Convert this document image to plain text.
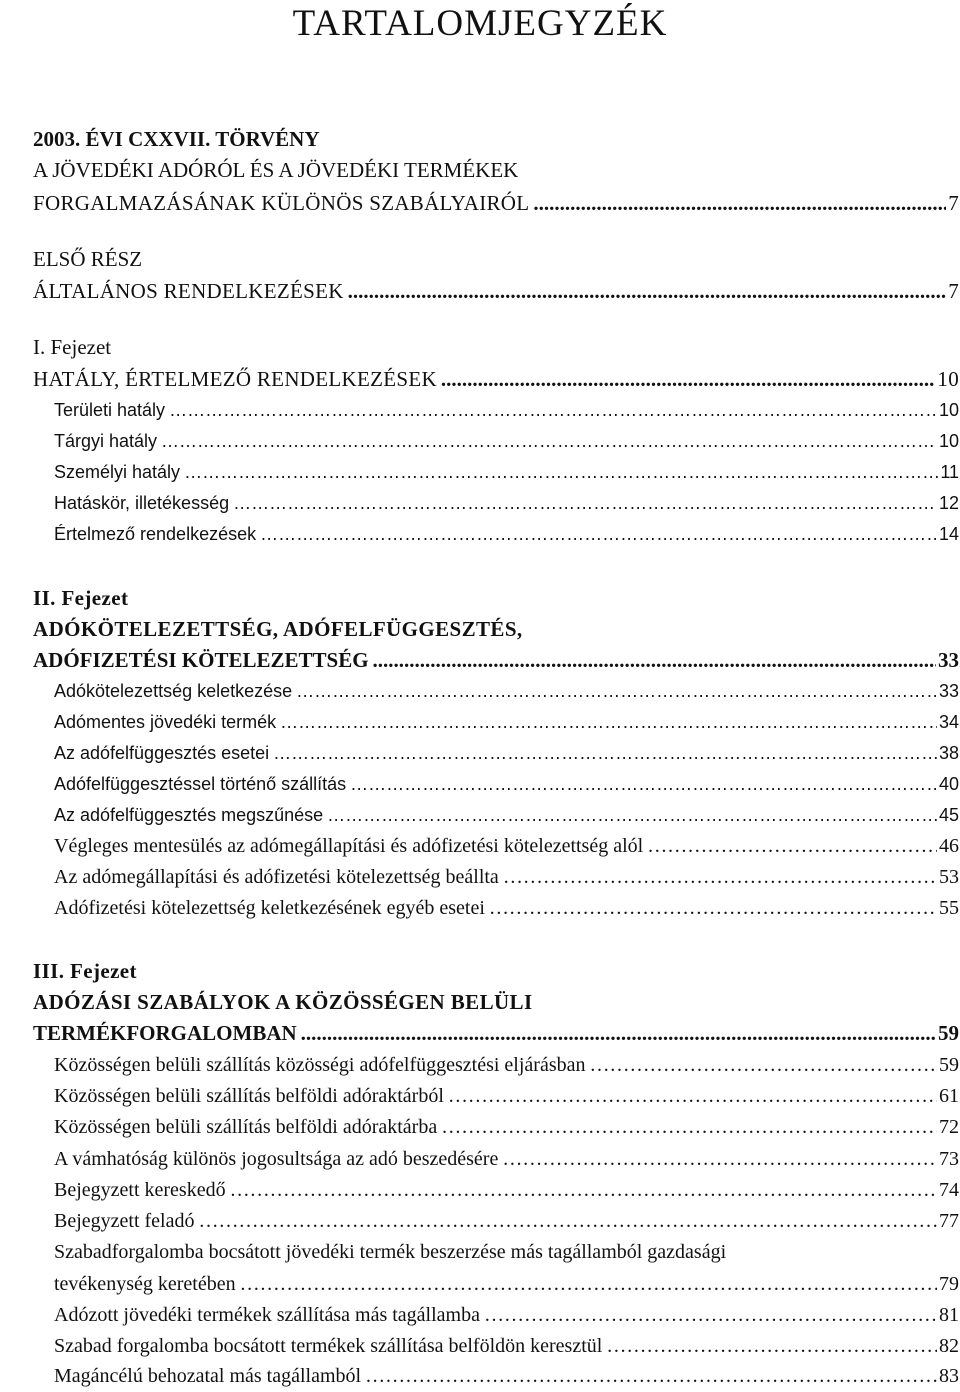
TARTALOMJEGYZÉK
2003. ÉVI CXXVII. TÖRVÉNY
A JÖVEDÉKI ADÓRÓL ÉS A JÖVEDÉKI TERMÉKEK
FORGALMAZÁSÁNAK KÜLÖNÖS SZABÁLYAIRÓL .....	7
ELSŐ RÉSZ
ÁLTALÁNOS RENDELKEZÉSEK .....	7
I. Fejezet
HATÁLY, ÉRTELMEZŐ RENDELKEZÉSEK .....	10
Területi hatály ……………………………………………………………………………………………………………………………………………………………………………………………………………………	10
Tárgyi hatály ……………………………………………………………………………………………………………………………………………………………………………………………………………………	10
Személyi hatály ……………………………………………………………………………………………………………………………………………………………………………………………………………………	11
Hatáskör, illetékesség ……………………………………………………………………………………………………………………………………………………………………………………………………………………	12
Értelmező rendelkezések ……………………………………………………………………………………………………………………………………………………………………………………………………………………	14
II. Fejezet
ADÓKÖTELEZETTSÉG, ADÓFELFÜGGESZTÉS,
ADÓFIZETÉSI KÖTELEZETTSÉG .....	33
Adókötelezettség keletkezése ……………………………………………………………………………………………………………………………………………………………………………………………………………………	33
Adómentes jövedéki termék ……………………………………………………………………………………………………………………………………………………………………………………………………………………	34
Az adófelfüggesztés esetei ……………………………………………………………………………………………………………………………………………………………………………………………………………………	38
Adófelfüggesztéssel történő szállítás ……………………………………………………………………………………………………………………………………………………………………………………………………………………	40
Az adófelfüggesztés megszűnése ……………………………………………………………………………………………………………………………………………………………………………………………………………………	45
Végleges mentesülés az adómegállapítási és adófizetési kötelezettség alól ……………………………………………………………………………………………………………………………………………………………………………………………………………………	46
Az adómegállapítási és adófizetési kötelezettség beállta ……………………………………………………………………………………………………………………………………………………………………………………………………………………	53
Adófizetési kötelezettség keletkezésének egyéb esetei ……………………………………………………………………………………………………………………………………………………………………………………………………………………	55
III. Fejezet
ADÓZÁSI SZABÁLYOK A KÖZÖSSÉGEN BELÜLI
TERMÉKFORGALOMBAN .....	59
Közösségen belüli szállítás közösségi adófelfüggesztési eljárásban ……………………………………………………………………………………………………………………………………………………………………………………………………………………	59
Közösségen belüli szállítás belföldi adóraktárból ……………………………………………………………………………………………………………………………………………………………………………………………………………………	61
Közösségen belüli szállítás belföldi adóraktárba ……………………………………………………………………………………………………………………………………………………………………………………………………………………	72
A vámhatóság különös jogosultsága az adó beszedésére ……………………………………………………………………………………………………………………………………………………………………………………………………………………	73
Bejegyzett kereskedő ……………………………………………………………………………………………………………………………………………………………………………………………………………………	74
Bejegyzett feladó ……………………………………………………………………………………………………………………………………………………………………………………………………………………	77
Szabadforgalomba bocsátott jövedéki termék beszerzése más tagállamból gazdasági
tevékenység keretében ……………………………………………………………………………………………………………………………………………………………………………………………………………………	79
Adózott jövedéki termékek szállítása más tagállamba ……………………………………………………………………………………………………………………………………………………………………………………………………………………	81
Szabad forgalomba bocsátott termékek szállítása belföldön keresztül ……………………………………………………………………………………………………………………………………………………………………………………………………………………	82
Magáncélú behozatal más tagállamból ……………………………………………………………………………………………………………………………………………………………………………………………………………………	83
